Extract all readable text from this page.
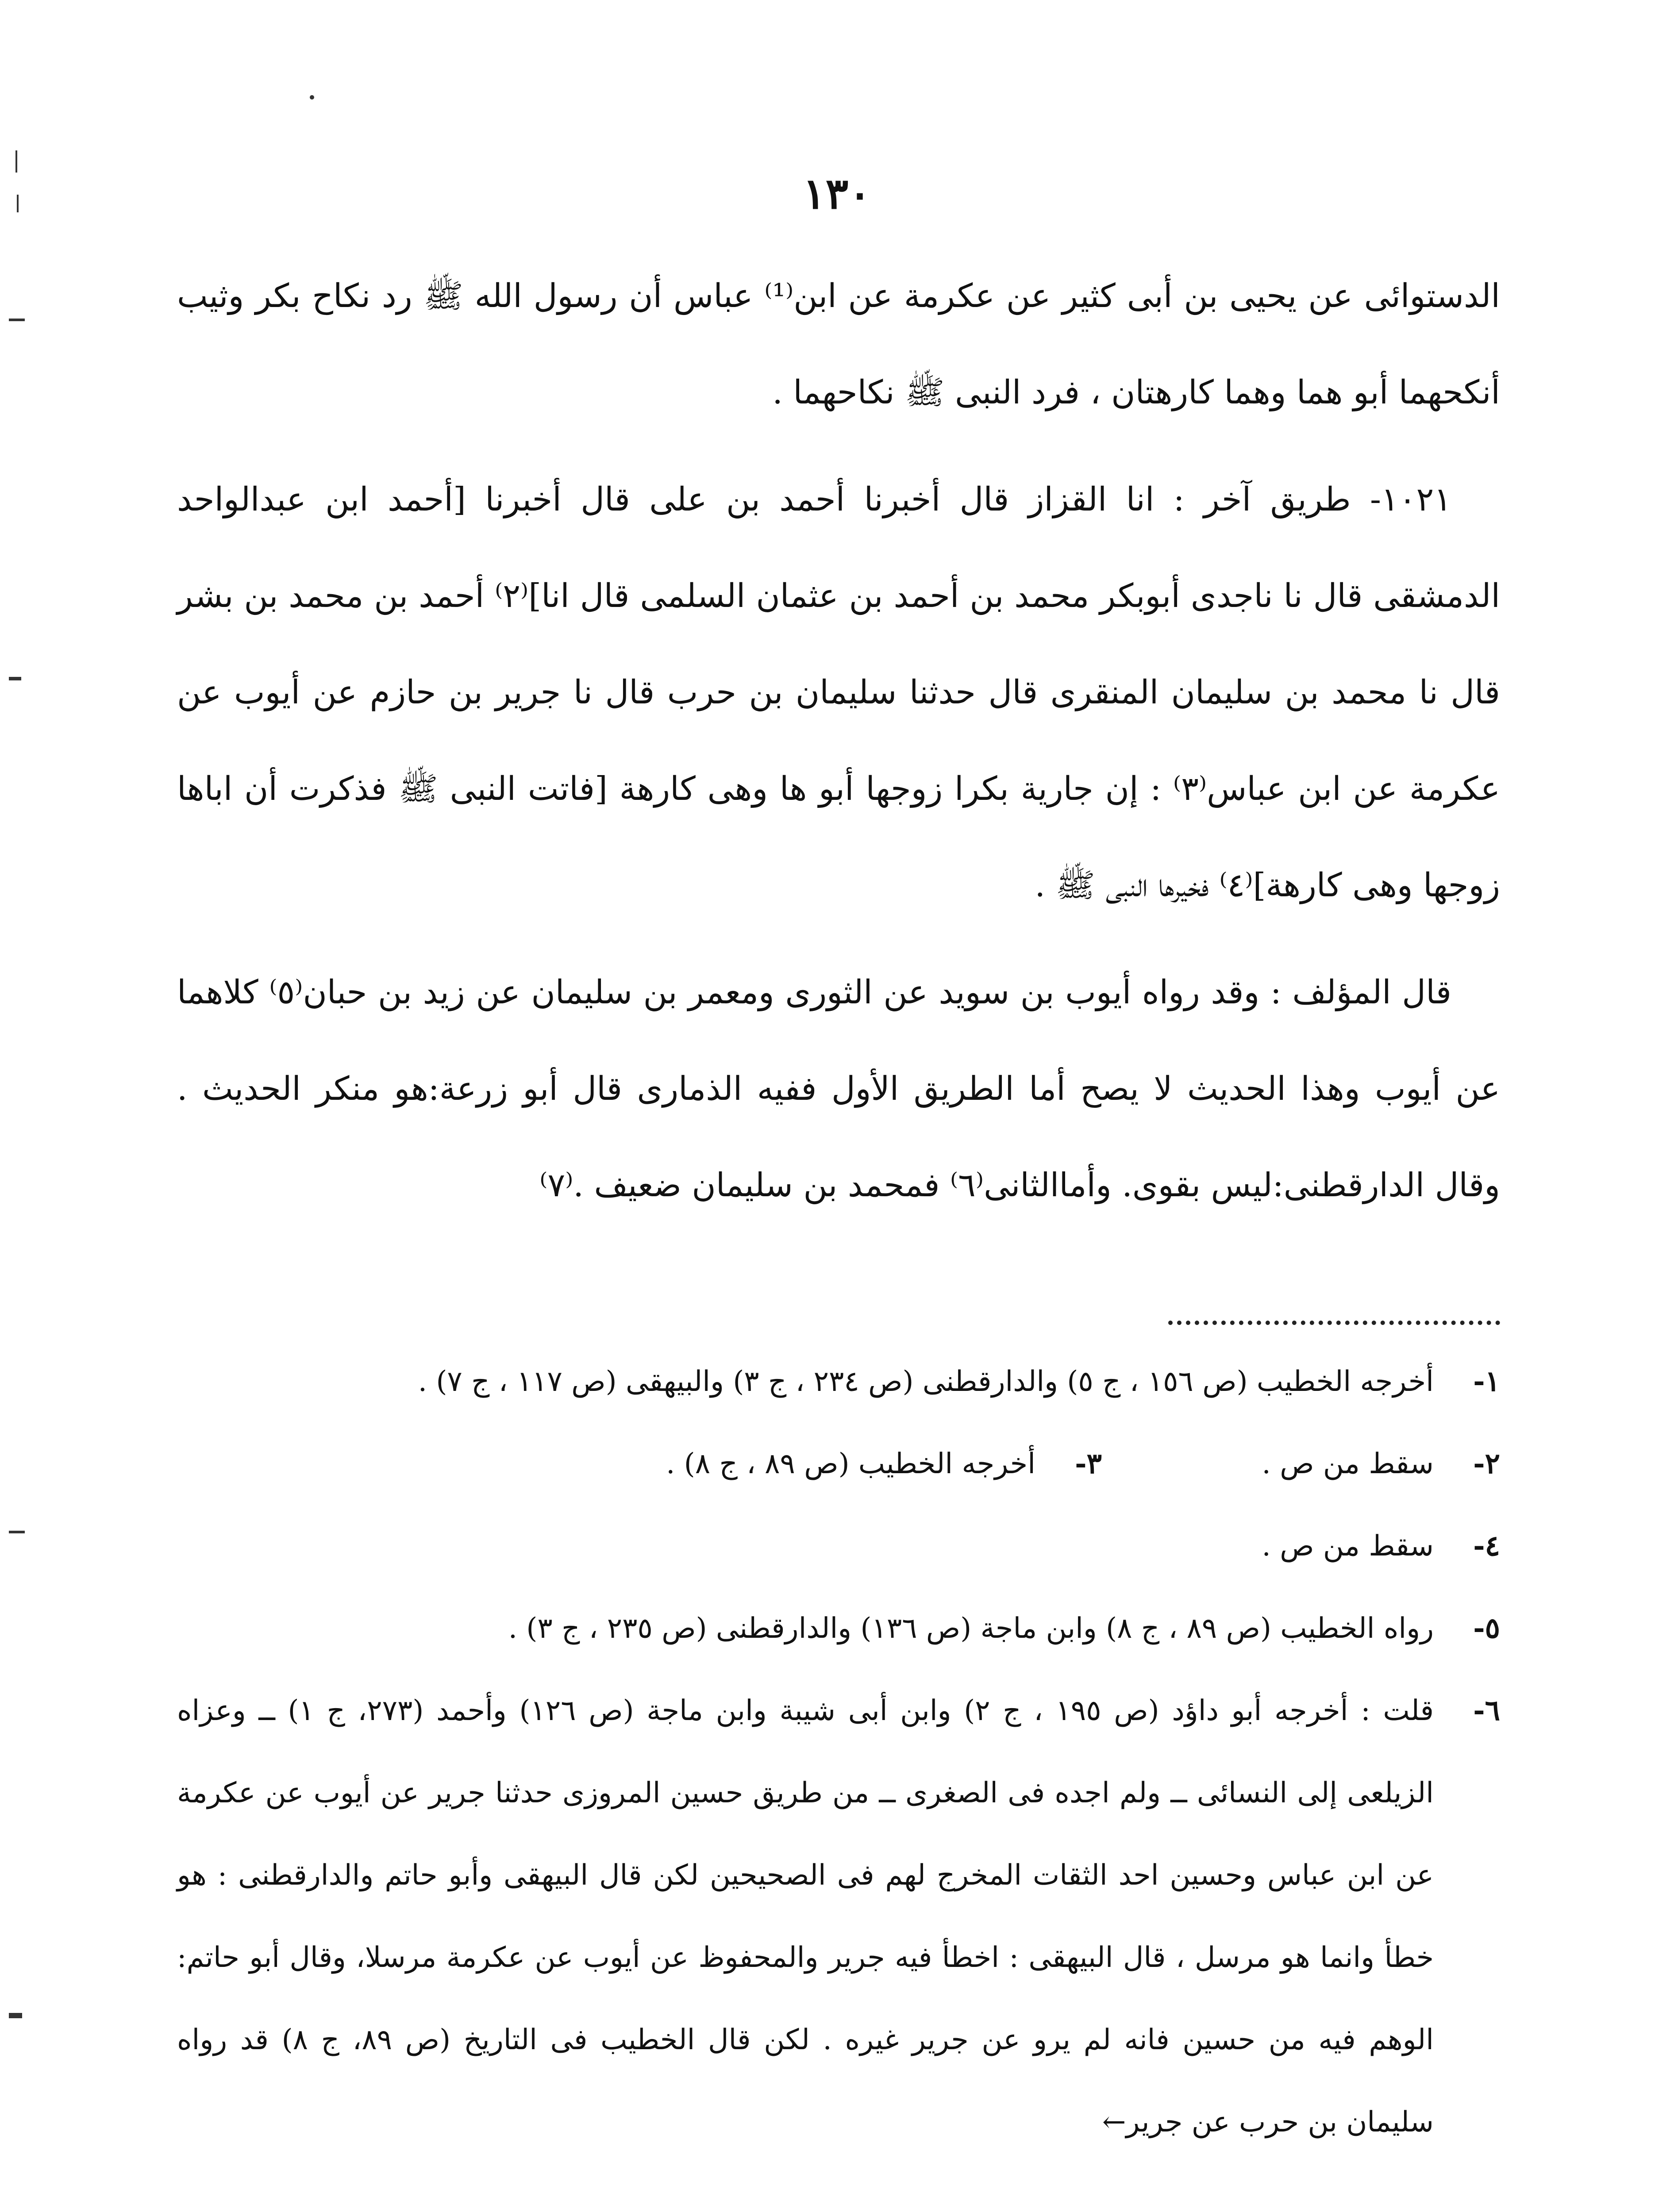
١٣٠

الدستوائى عن يحيى بن أبى كثير عن عكرمة عن ابن⁽¹⁾ عباس أن رسول الله ﷺ رد نكاح بكر وثيب أنكحهما أبو هما وهما كارهتان ، فرد النبى ﷺ نكاحهما .

١٠٢١- طريق آخر : انا القزاز قال أخبرنا أحمد بن على قال أخبرنا [أحمد ابن عبدالواحد الدمشقى قال نا ناجدى أبوبكر محمد بن أحمد بن عثمان السلمى قال انا]⁽٢⁾ أحمد بن محمد بن بشر قال نا محمد بن سليمان المنقرى قال حدثنا سليمان بن حرب قال نا جرير بن حازم عن أيوب عن عكرمة عن ابن عباس⁽٣⁾ : إن جارية بكرا زوجها أبو ها وهى كارهة [فاتت النبى ﷺ فذكرت أن اباها زوجها وهى كارهة]⁽٤⁾ فخيرها النبى ﷺ .

قال المؤلف : وقد رواه أيوب بن سويد عن الثورى ومعمر بن سليمان عن زيد بن حبان⁽٥⁾ كلاهما عن أيوب وهذا الحديث لا يصح أما الطريق الأول ففيه الذمارى قال أبو زرعة:هو منكر الحديث . وقال الدارقطنى:ليس بقوى. وأماالثانى⁽٦⁾ فمحمد بن سليمان ضعيف .⁽٧⁾

١-
أخرجه الخطيب (ص ١٥٦ ، ج ٥) والدارقطنى (ص ٢٣٤ ، ج ٣) والبيهقى (ص ١١٧ ، ج ٧) .
٢-
سقط من ص .
٣-
أخرجه الخطيب (ص ٨٩ ، ج ٨) .
٤-
سقط من ص .
٥-
رواه الخطيب (ص ٨٩ ، ج ٨) وابن ماجة (ص ١٣٦) والدارقطنى (ص ٢٣٥ ، ج ٣) .
٦-
قلت : أخرجه أبو داؤد (ص ١٩٥ ، ج ٢) وابن أبى شيبة وابن ماجة (ص ١٢٦) وأحمد (٢٧٣، ج ١) ــ وعزاه الزيلعى إلى النسائى ــ ولم اجده فى الصغرى ــ من طريق حسين المروزى حدثنا جرير عن أيوب عن عكرمة عن ابن عباس وحسين احد الثقات المخرج لهم فى الصحيحين لكن قال البيهقى وأبو حاتم والدارقطنى : هو خطأ وانما هو مرسل ، قال البيهقى : اخطأ فيه جرير والمحفوظ عن أيوب عن عكرمة مرسلا، وقال أبو حاتم: الوهم فيه من حسين فانه لم يرو عن جرير غيره . لكن قال الخطيب فى التاريخ (ص ٨٩، ج ٨) قد رواه سليمان بن حرب عن جرير←
